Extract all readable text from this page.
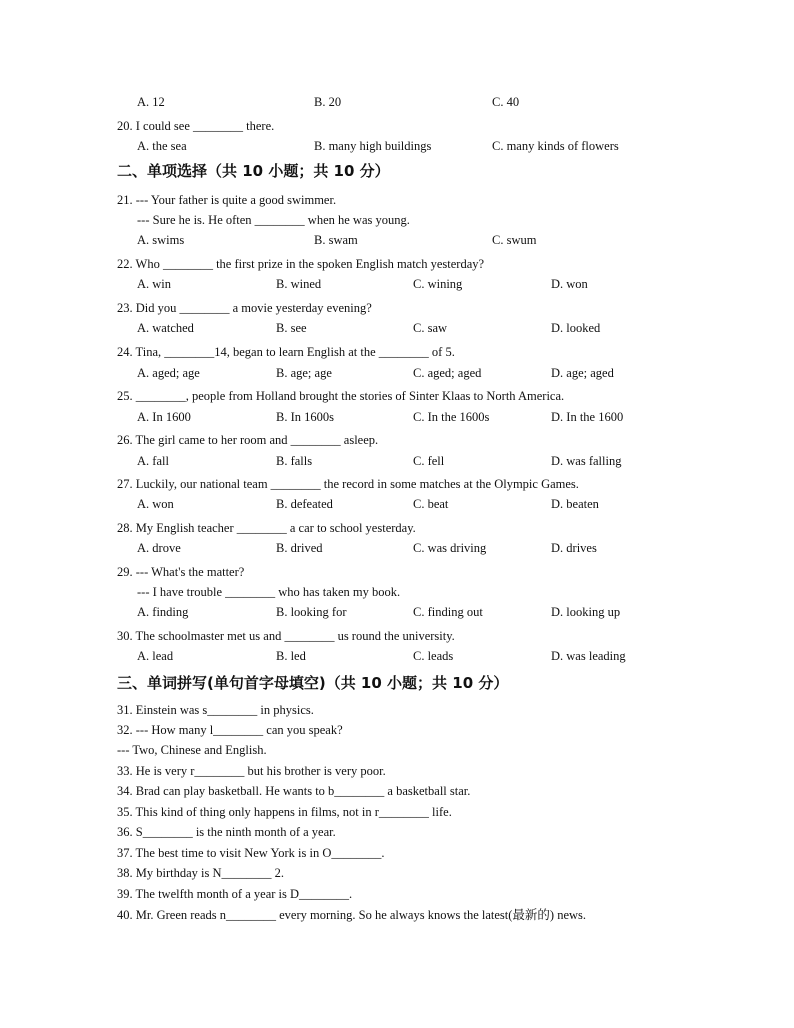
A. 12	B. 20	C. 40
20. I could see ________ there.
A. the sea	B. many high buildings	C. many kinds of flowers
二、单项选择（共 10 小题；共 10 分）
21. --- Your father is quite a good swimmer.
--- Sure he is. He often ________ when he was young.
A. swims	B. swam	C. swum
22. Who ________ the first prize in the spoken English match yesterday?
A. win	B. wined	C. wining	D. won
23. Did you ________ a movie yesterday evening?
A. watched	B. see	C. saw	D. looked
24. Tina, ________14, began to learn English at the ________ of 5.
A. aged; age	B. age; age	C. aged; aged	D. age; aged
25. ________, people from Holland brought the stories of Sinter Klaas to North America.
A. In 1600	B. In 1600s	C. In the 1600s	D. In the 1600
26. The girl came to her room and ________ asleep.
A. fall	B. falls	C. fell	D. was falling
27. Luckily, our national team ________ the record in some matches at the Olympic Games.
A. won	B. defeated	C. beat	D. beaten
28. My English teacher ________ a car to school yesterday.
A. drove	B. drived	C. was driving	D. drives
29. --- What's the matter?
--- I have trouble ________ who has taken my book.
A. finding	B. looking for	C. finding out	D. looking up
30. The schoolmaster met us and ________ us round the university.
A. lead	B. led	C. leads	D. was leading
三、单词拼写(单句首字母填空)（共 10 小题；共 10 分）
31. Einstein was s________ in physics.
32. --- How many l________ can you speak?
--- Two, Chinese and English.
33. He is very r________ but his brother is very poor.
34. Brad can play basketball. He wants to b________ a basketball star.
35. This kind of thing only happens in films, not in r________ life.
36. S________ is the ninth month of a year.
37. The best time to visit New York is in O________.
38. My birthday is N________ 2.
39. The twelfth month of a year is D________.
40. Mr. Green reads n________ every morning. So he always knows the latest(最新的) news.
